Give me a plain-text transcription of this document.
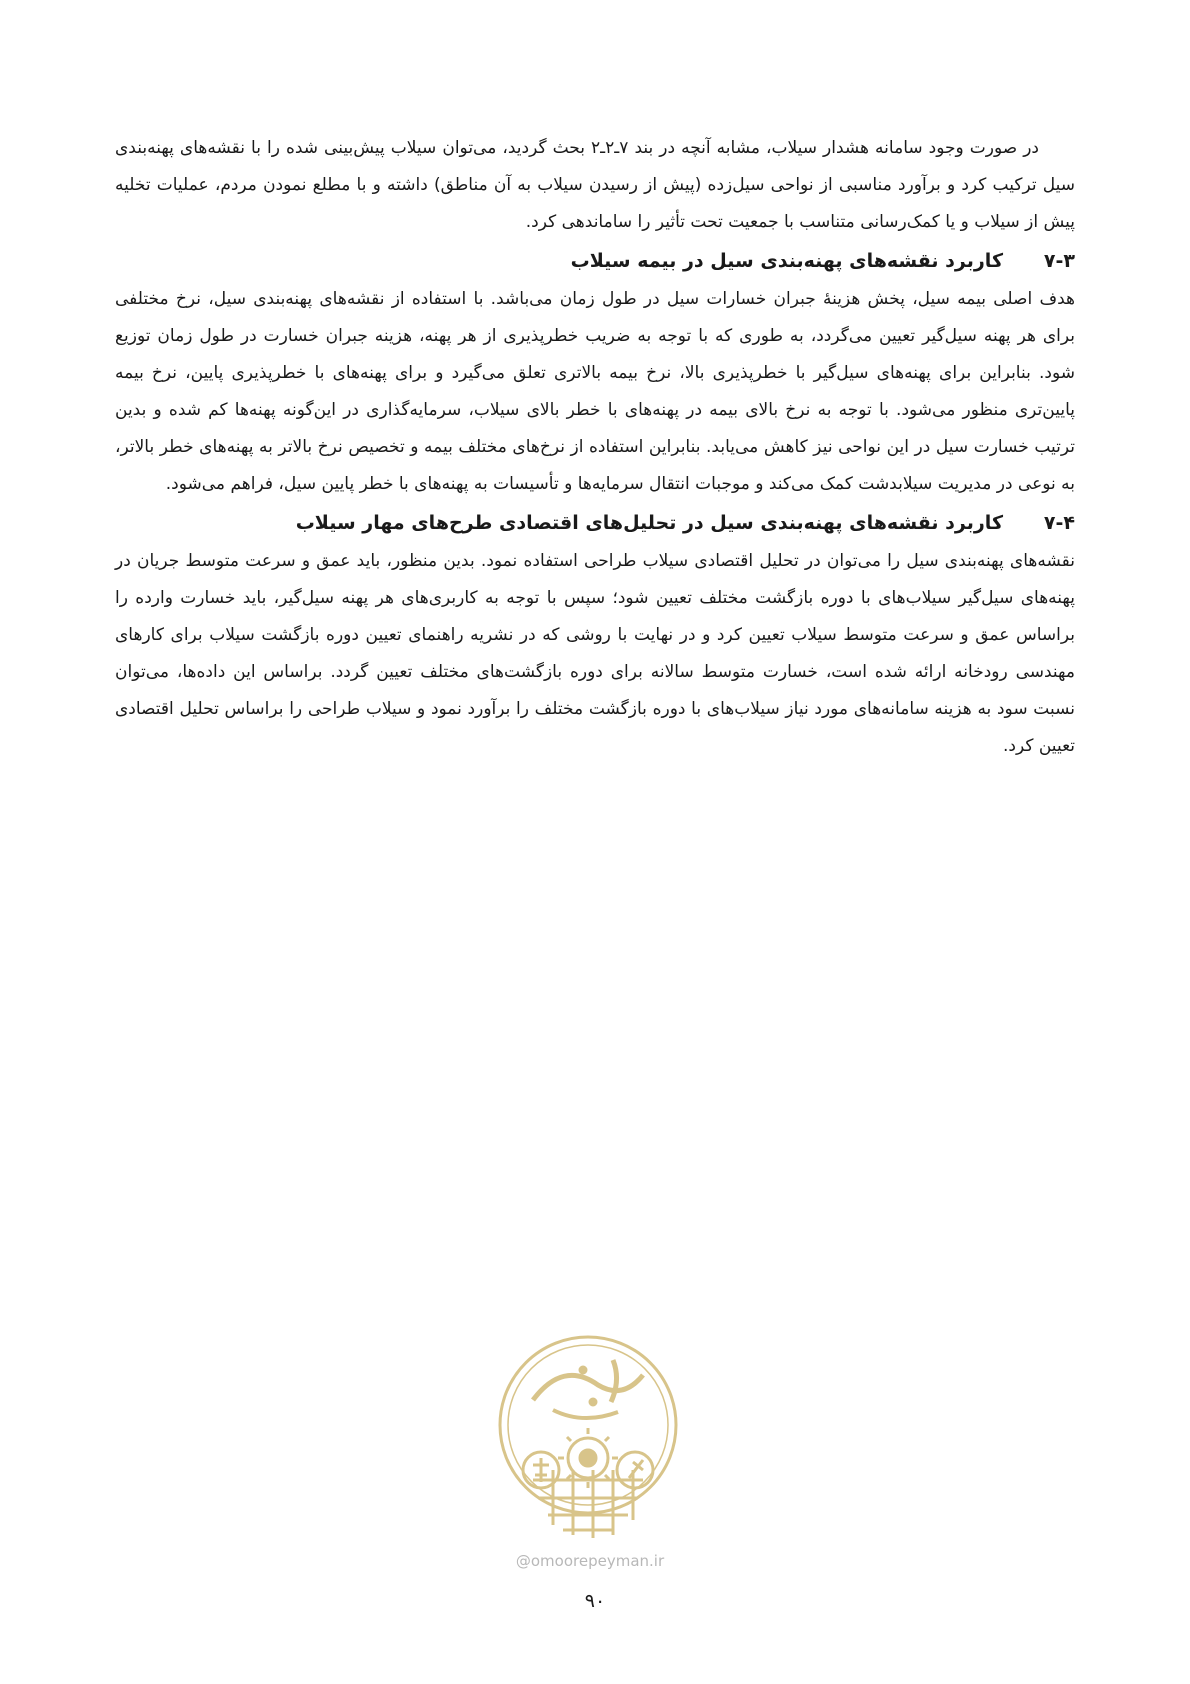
در صورت وجود سامانه هشدار سیلاب، مشابه آنچه در بند ۷ـ۲ـ۲ بحث گردید، می‌توان سیلاب پیش‌بینی شده را با نقشه‌های پهنه‌بندی سیل ترکیب کرد و برآورد مناسبی از نواحی سیل‌زده (پیش از رسیدن سیلاب به آن مناطق) داشته و با مطلع نمودن مردم، عملیات تخلیه پیش از سیلاب و یا کمک‌رسانی متناسب با جمعیت تحت تأثیر را ساماندهی کرد.

۷-۳
کاربرد نقشه‌های پهنه‌بندی سیل در بیمه سیلاب

هدف اصلی بیمه سیل، پخش هزینهٔ جبران خسارات سیل در طول زمان می‌باشد. با استفاده از نقشه‌های پهنه‌بندی سیل، نرخ مختلفی برای هر پهنه سیل‌گیر تعیین می‌گردد، به طوری که با توجه به ضریب خطرپذیری از هر پهنه، هزینه جبران خسارت در طول زمان توزیع شود. بنابراین برای پهنه‌های سیل‌گیر با خطرپذیری بالا، نرخ بیمه بالاتری تعلق می‌گیرد و برای پهنه‌های با خطرپذیری پایین، نرخ بیمه پایین‌تری منظور می‌شود. با توجه به نرخ بالای بیمه در پهنه‌های با خطر بالای سیلاب، سرمایه‌گذاری در این‌گونه پهنه‌ها کم شده و بدین ترتیب خسارت سیل در این نواحی نیز کاهش می‌یابد. بنابراین استفاده از نرخ‌های مختلف بیمه و تخصیص نرخ بالاتر به پهنه‌های خطر بالاتر، به نوعی در مدیریت سیلابدشت کمک می‌کند و موجبات انتقال سرمایه‌ها و تأسیسات به پهنه‌های با خطر پایین سیل، فراهم می‌شود.

۷-۴
کاربرد نقشه‌های پهنه‌بندی سیل در تحلیل‌های اقتصادی طرح‌های مهار سیلاب

نقشه‌های پهنه‌بندی سیل را می‌توان در تحلیل اقتصادی سیلاب طراحی استفاده نمود. بدین منظور، باید عمق و سرعت متوسط جریان در پهنه‌های سیل‌گیر سیلاب‌های با دوره بازگشت مختلف تعیین شود؛ سپس با توجه به کاربری‌های هر پهنه سیل‌گیر، باید خسارت وارده را براساس عمق و سرعت متوسط سیلاب تعیین کرد و در نهایت با روشی که در نشریه راهنمای تعیین دوره بازگشت سیلاب برای کارهای مهندسی رودخانه ارائه شده است، خسارت متوسط سالانه برای دوره بازگشت‌های مختلف تعیین گردد. براساس این داده‌ها، می‌توان نسبت سود به هزینه سامانه‌های مورد نیاز سیلاب‌های با دوره بازگشت مختلف را برآورد نمود و سیلاب طراحی را براساس تحلیل اقتصادی تعیین کرد.

@omoorepeyman.ir
۹۰
